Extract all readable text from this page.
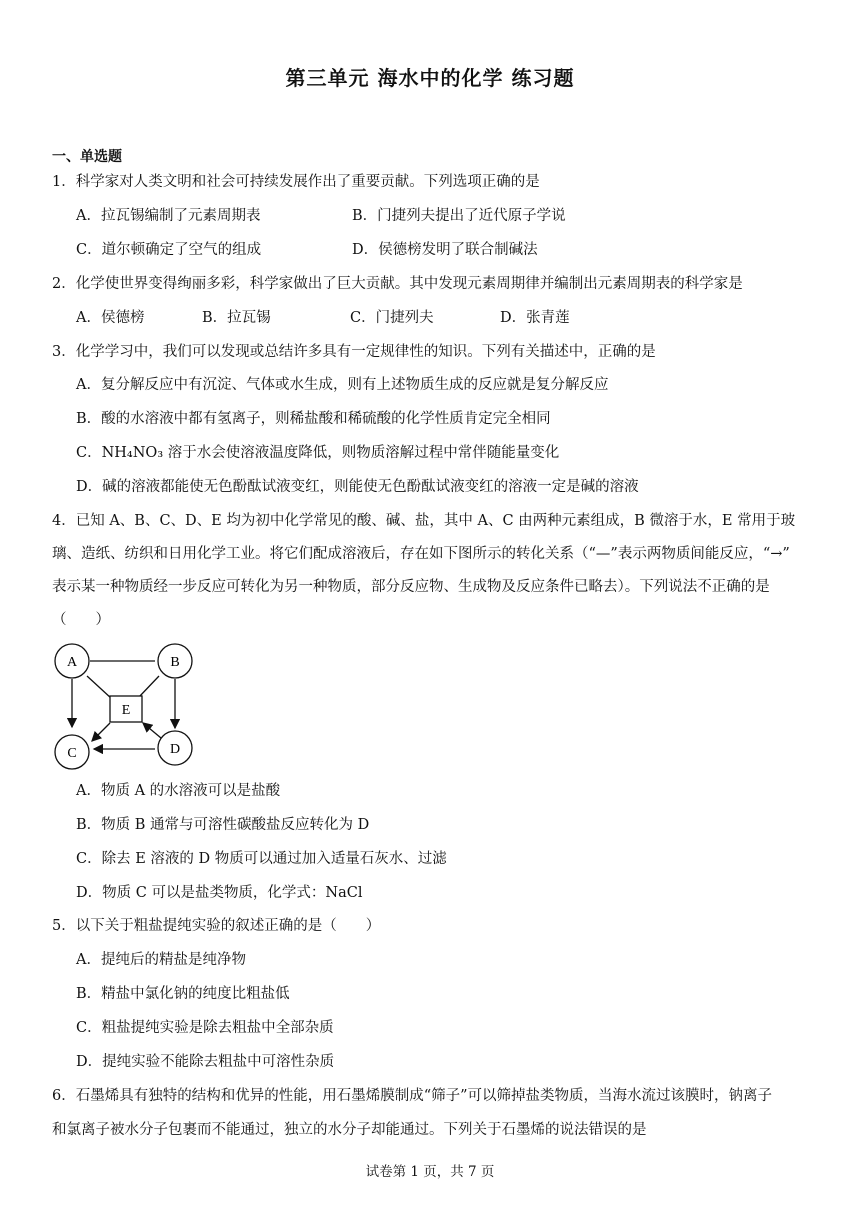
第三单元 海水中的化学 练习题
一、单选题
1．科学家对人类文明和社会可持续发展作出了重要贡献。下列选项正确的是
A．拉瓦锡编制了元素周期表	B．门捷列夫提出了近代原子学说
C．道尔顿确定了空气的组成	D．侯德榜发明了联合制碱法
2．化学使世界变得绚丽多彩，科学家做出了巨大贡献。其中发现元素周期律并编制出元素周期表的科学家是
A．侯德榜	B．拉瓦锡	C．门捷列夫	D．张青莲
3．化学学习中，我们可以发现或总结许多具有一定规律性的知识。下列有关描述中，正确的是
A．复分解反应中有沉淀、气体或水生成，则有上述物质生成的反应就是复分解反应
B．酸的水溶液中都有氢离子，则稀盐酸和稀硫酸的化学性质肯定完全相同
C．NH₄NO₃ 溶于水会使溶液温度降低，则物质溶解过程中常伴随能量变化
D．碱的溶液都能使无色酚酞试液变红，则能使无色酚酞试液变红的溶液一定是碱的溶液
4．已知 A、B、C、D、E 均为初中化学常见的酸、碱、盐，其中 A、C 由两种元素组成，B 微溶于水，E 常用于玻
璃、造纸、纺织和日用化学工业。将它们配成溶液后，存在如下图所示的转化关系（“—”表示两物质间能反应，“→”
表示某一种物质经一步反应可转化为另一种物质，部分反应物、生成物及反应条件已略去）。下列说法不正确的是
（　　）
A	B
C	D
E
A．物质 A 的水溶液可以是盐酸
B．物质 B 通常与可溶性碳酸盐反应转化为 D
C．除去 E 溶液的 D 物质可以通过加入适量石灰水、过滤
D．物质 C 可以是盐类物质，化学式：NaCl
5．以下关于粗盐提纯实验的叙述正确的是（　　）
A．提纯后的精盐是纯净物
B．精盐中氯化钠的纯度比粗盐低
C．粗盐提纯实验是除去粗盐中全部杂质
D．提纯实验不能除去粗盐中可溶性杂质
6．石墨烯具有独特的结构和优异的性能，用石墨烯膜制成“筛子”可以筛掉盐类物质，当海水流过该膜时，钠离子
和氯离子被水分子包裹而不能通过，独立的水分子却能通过。下列关于石墨烯的说法错误的是
试卷第 1 页，共 7 页
